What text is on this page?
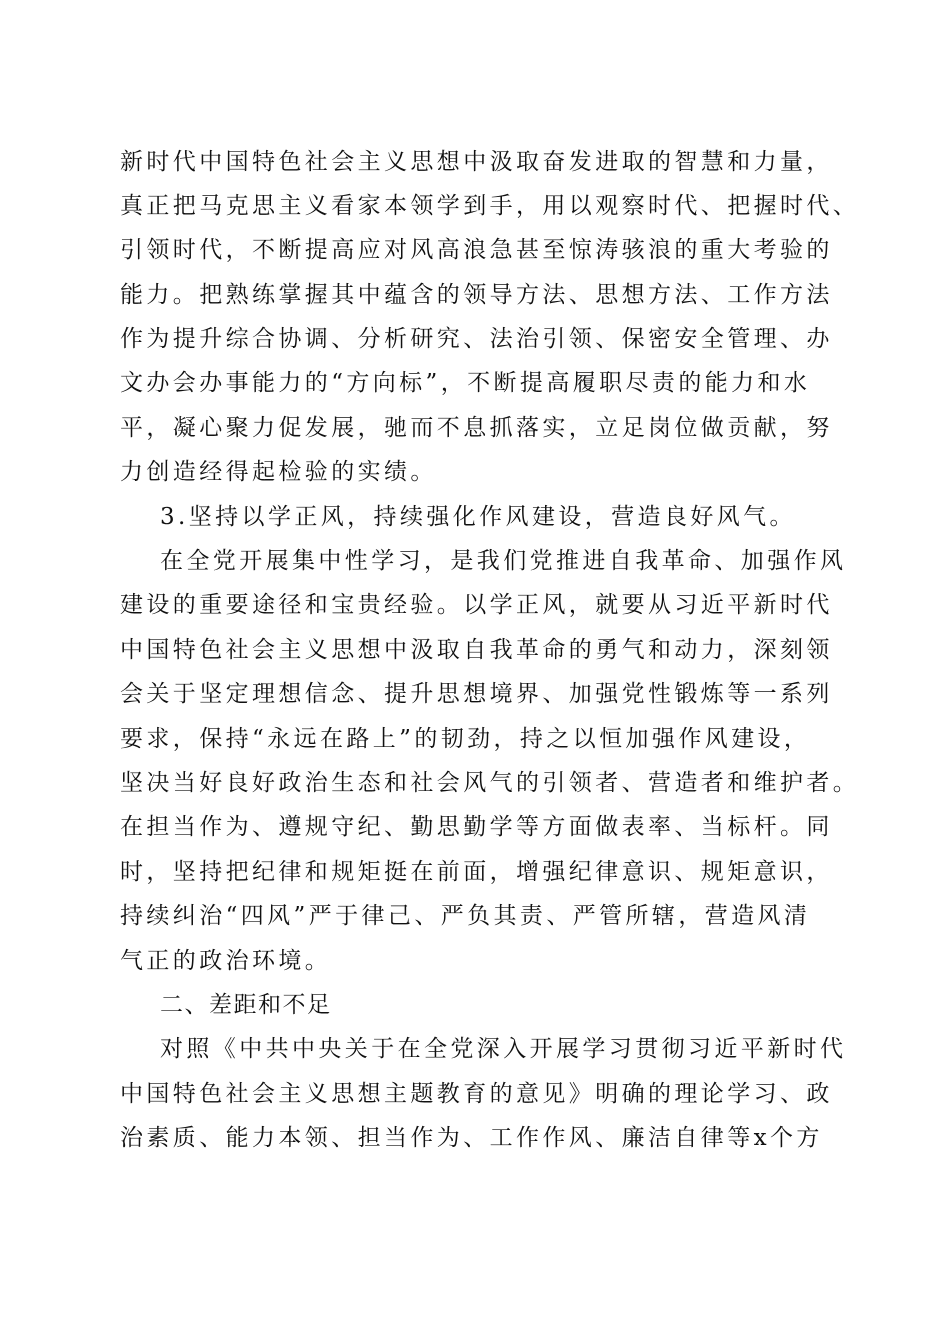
新时代中国特色社会主义思想中汲取奋发进取的智慧和力量，
真正把马克思主义看家本领学到手，用以观察时代、把握时代、
引领时代，不断提高应对风高浪急甚至惊涛骇浪的重大考验的
能力。把熟练掌握其中蕴含的领导方法、思想方法、工作方法
作为提升综合协调、分析研究、法治引领、保密安全管理、办
文办会办事能力的“方向标”，不断提高履职尽责的能力和水
平，凝心聚力促发展，驰而不息抓落实，立足岗位做贡献，努
力创造经得起检验的实绩。
3.坚持以学正风，持续强化作风建设，营造良好风气。
在全党开展集中性学习，是我们党推进自我革命、加强作风
建设的重要途径和宝贵经验。以学正风，就要从习近平新时代
中国特色社会主义思想中汲取自我革命的勇气和动力，深刻领
会关于坚定理想信念、提升思想境界、加强党性锻炼等一系列
要求，保持“永远在路上”的韧劲，持之以恒加强作风建设，
坚决当好良好政治生态和社会风气的引领者、营造者和维护者。
在担当作为、遵规守纪、勤思勤学等方面做表率、当标杆。同
时，坚持把纪律和规矩挺在前面，增强纪律意识、规矩意识，
持续纠治“四风”严于律己、严负其责、严管所辖，营造风清
气正的政治环境。
二、差距和不足
对照《中共中央关于在全党深入开展学习贯彻习近平新时代
中国特色社会主义思想主题教育的意见》明确的理论学习、政
治素质、能力本领、担当作为、工作作风、廉洁自律等x个方
